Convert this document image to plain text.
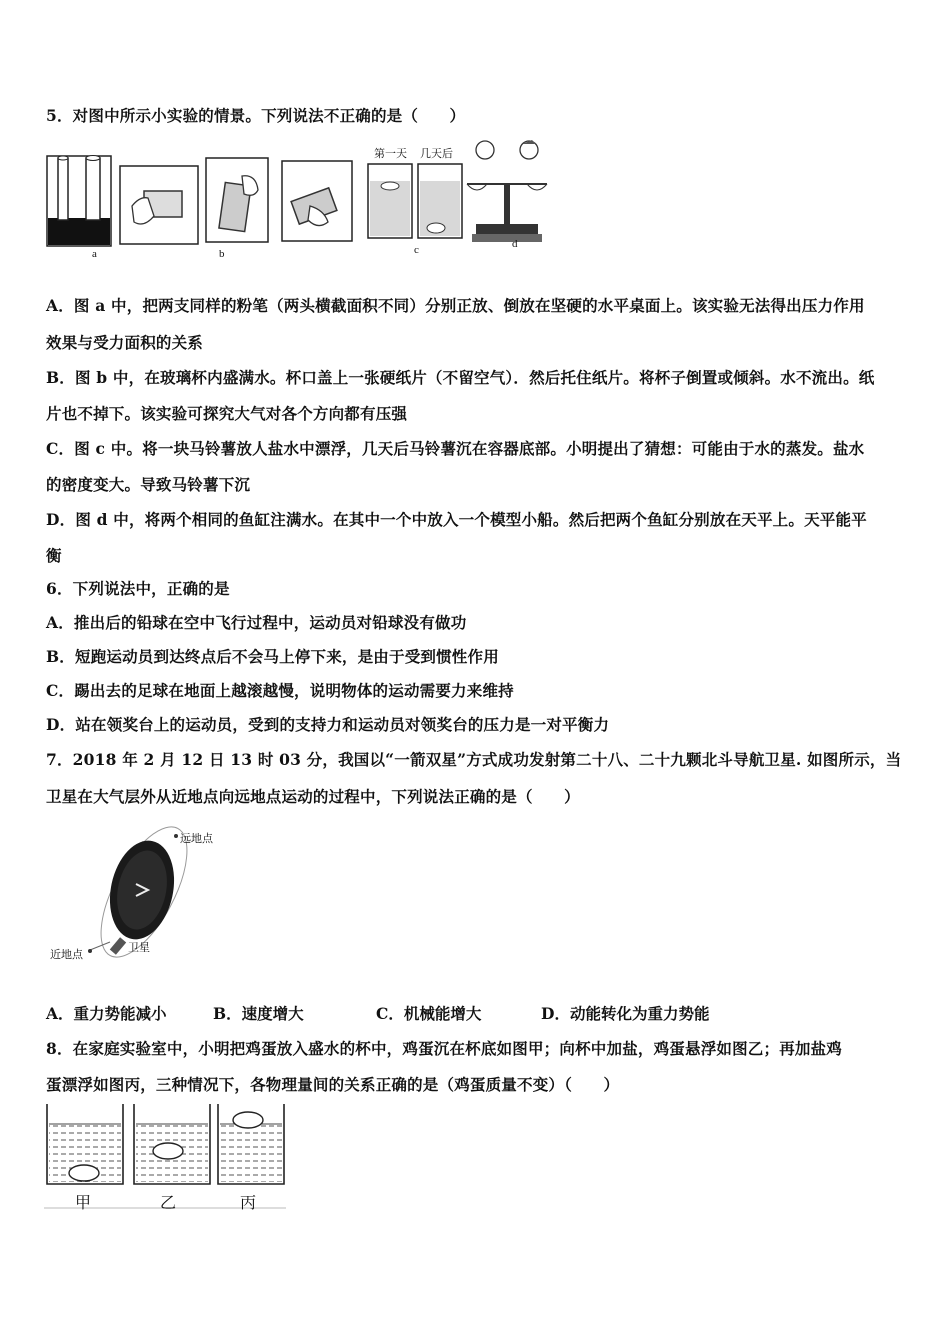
5．对图中所示小实验的情景。下列说法不正确的是（　　）
a	b	c	d
第一天 几天后
A．图 a 中，把两支同样的粉笔（两头横截面积不同）分别正放、倒放在坚硬的水平桌面上。该实验无法得出压力作用
效果与受力面积的关系
B．图 b 中，在玻璃杯内盛满水。杯口盖上一张硬纸片（不留空气）．然后托住纸片。将杯子倒置或倾斜。水不流出。纸
片也不掉下。该实验可探究大气对各个方向都有压强
C．图 c 中。将一块马铃薯放人盐水中漂浮，几天后马铃薯沉在容器底部。小明提出了猜想：可能由于水的蒸发。盐水
的密度变大。导致马铃薯下沉
D．图 d 中，将两个相同的鱼缸注满水。在其中一个中放入一个模型小船。然后把两个鱼缸分别放在天平上。天平能平
衡
6．下列说法中，正确的是
A．推出后的铅球在空中飞行过程中，运动员对铅球没有做功
B．短跑运动员到达终点后不会马上停下来，是由于受到惯性作用
C．踢出去的足球在地面上越滚越慢，说明物体的运动需要力来维持
D．站在领奖台上的运动员，受到的支持力和运动员对领奖台的压力是一对平衡力
7．2018 年 2 月 12 日 13 时 03 分，我国以“一箭双星”方式成功发射第二十八、二十九颗北斗导航卫星. 如图所示，当
卫星在大气层外从近地点向远地点运动的过程中，下列说法正确的是（　　）
远地点
近地点
卫星
A．重力势能减小	B．速度增大	C．机械能增大	D．动能转化为重力势能
8．在家庭实验室中，小明把鸡蛋放入盛水的杯中，鸡蛋沉在杯底如图甲；向杯中加盐，鸡蛋悬浮如图乙；再加盐鸡
蛋漂浮如图丙，三种情况下，各物理量间的关系正确的是（鸡蛋质量不变）（　　）
甲	乙	丙
